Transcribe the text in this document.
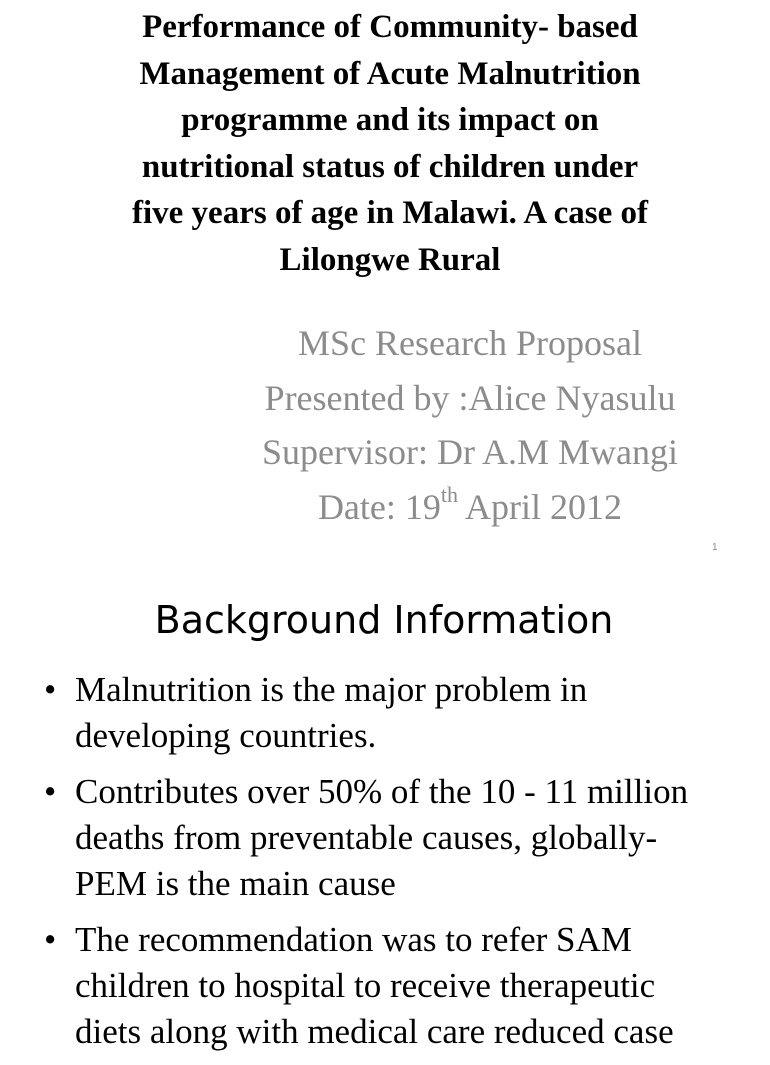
Performance of Community- based
Management of Acute Malnutrition
programme and its impact on
nutritional status of children under
five years of age in Malawi. A case of
Lilongwe Rural
MSc Research Proposal
Presented by :Alice Nyasulu
Supervisor: Dr A.M Mwangi
Date: 19th April 2012
1
Background Information
• Malnutrition is the major problem in
developing countries.
• Contributes over 50% of the 10 - 11 million
deaths from preventable causes, globally-
PEM is the main cause
• The recommendation was to refer SAM
children to hospital to receive therapeutic
diets along with medical care reduced case
